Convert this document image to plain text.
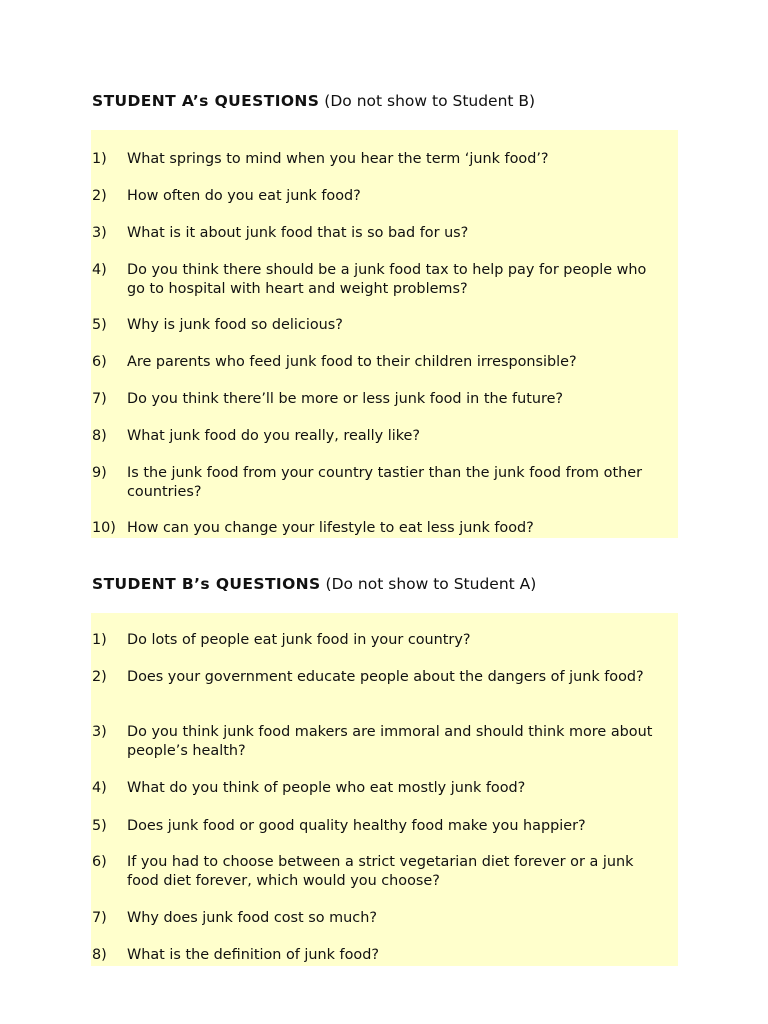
STUDENT A’s QUESTIONS (Do not show to Student B)
1) What springs to mind when you hear the term ‘junk food’?
2) How often do you eat junk food?
3) What is it about junk food that is so bad for us?
4) Do you think there should be a junk food tax to help pay for people who go to hospital with heart and weight problems?
5) Why is junk food so delicious?
6) Are parents who feed junk food to their children irresponsible?
7) Do you think there’ll be more or less junk food in the future?
8) What junk food do you really, really like?
9) Is the junk food from your country tastier than the junk food from other countries?
10) How can you change your lifestyle to eat less junk food?
STUDENT B’s QUESTIONS (Do not show to Student A)
1) Do lots of people eat junk food in your country?
2) Does your government educate people about the dangers of junk food?
3) Do you think junk food makers are immoral and should think more about people’s health?
4) What do you think of people who eat mostly junk food?
5) Does junk food or good quality healthy food make you happier?
6) If you had to choose between a strict vegetarian diet forever or a junk food diet forever, which would you choose?
7) Why does junk food cost so much?
8) What is the definition of junk food?
